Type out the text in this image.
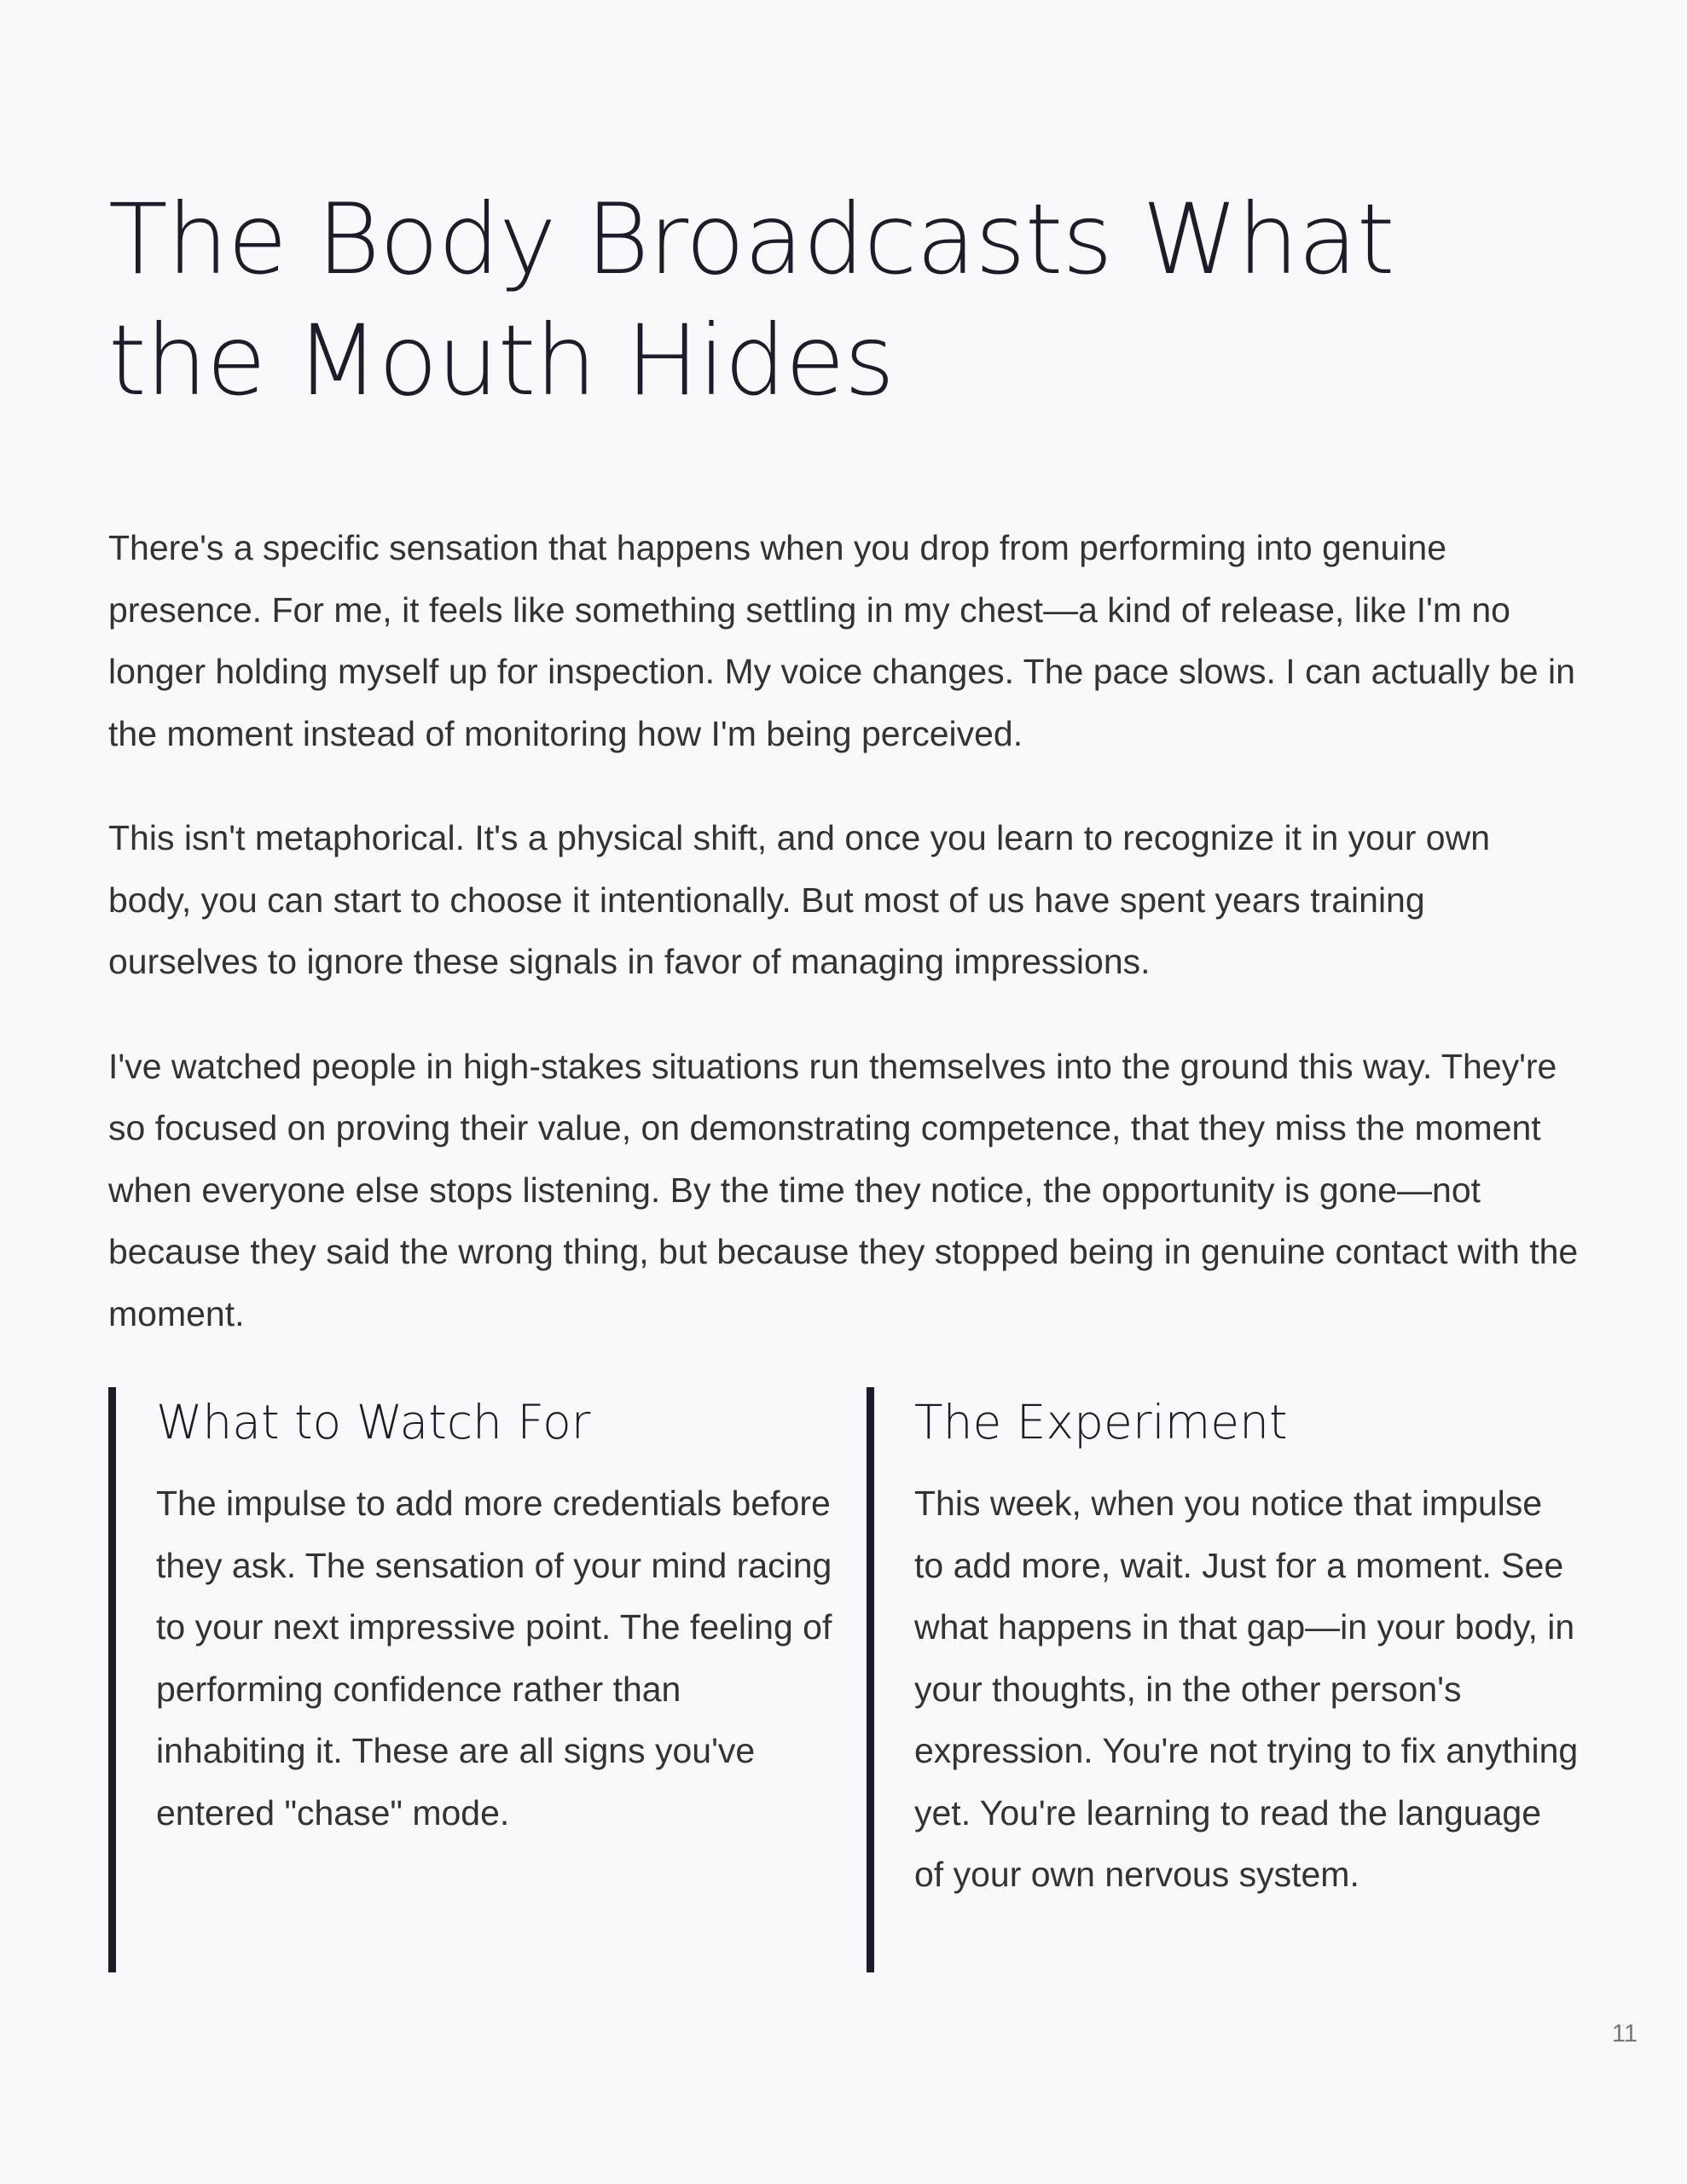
The Body Broadcasts What the Mouth Hides

There's a specific sensation that happens when you drop from performing into genuine presence. For me, it feels like something settling in my chest—a kind of release, like I'm no longer holding myself up for inspection. My voice changes. The pace slows. I can actually be in the moment instead of monitoring how I'm being perceived.

This isn't metaphorical. It's a physical shift, and once you learn to recognize it in your own body, you can start to choose it intentionally. But most of us have spent years training ourselves to ignore these signals in favor of managing impressions.

I've watched people in high-stakes situations run themselves into the ground this way. They're so focused on proving their value, on demonstrating competence, that they miss the moment when everyone else stops listening. By the time they notice, the opportunity is gone—not because they said the wrong thing, but because they stopped being in genuine contact with the moment.

What to Watch For

The impulse to add more credentials before they ask. The sensation of your mind racing to your next impressive point. The feeling of performing confidence rather than inhabiting it. These are all signs you've entered "chase" mode.

The Experiment

This week, when you notice that impulse to add more, wait. Just for a moment. See what happens in that gap—in your body, in your thoughts, in the other person's expression. You're not trying to fix anything yet. You're learning to read the language of your own nervous system.

11
